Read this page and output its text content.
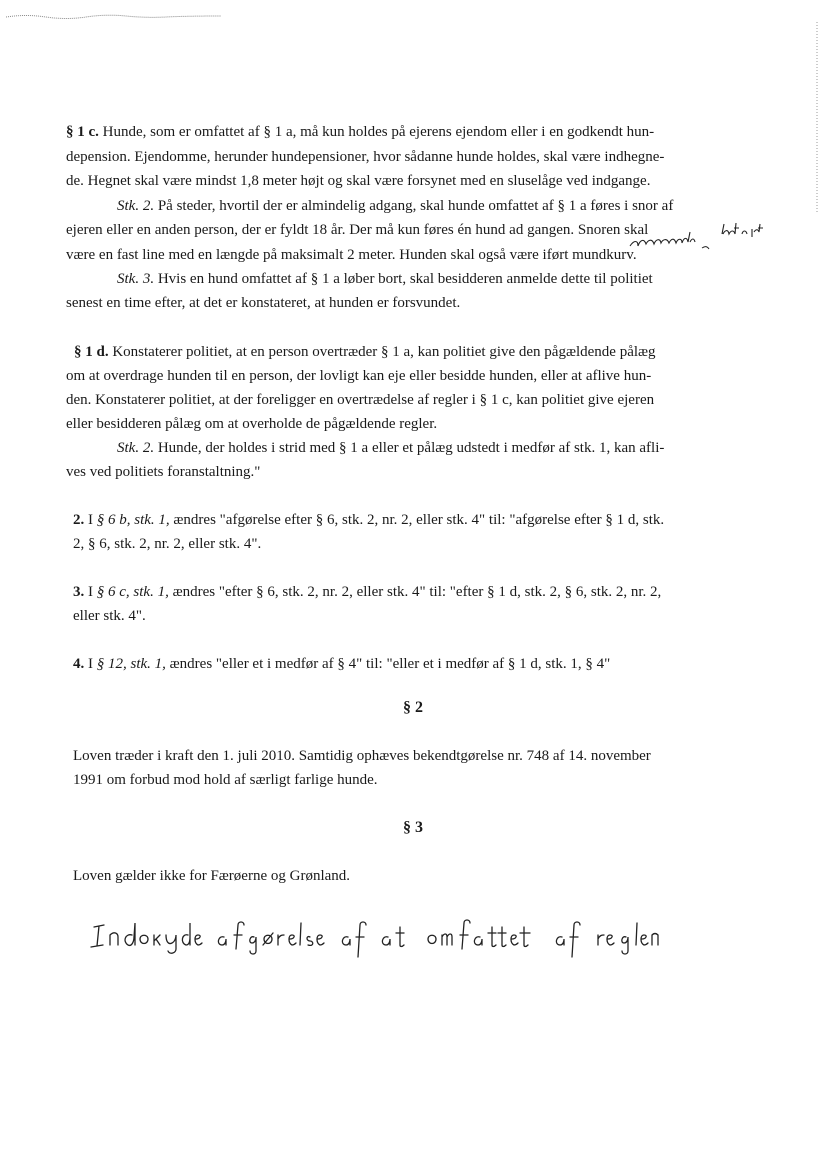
§ 1 c. Hunde, som er omfattet af § 1 a, må kun holdes på ejerens ejendom eller i en godkendt hun-
depension. Ejendomme, herunder hundepensioner, hvor sådanne hunde holdes, skal være indhegne-
de. Hegnet skal være mindst 1,8 meter højt og skal være forsynet med en sluselåge ved indgange.
Stk. 2. På steder, hvortil der er almindelig adgang, skal hunde omfattet af § 1 a føres i snor af
ejeren eller en anden person, der er fyldt 18 år. Der må kun føres én hund ad gangen. Snoren skal
være en fast line med en længde på maksimalt 2 meter. Hunden skal også være iført mundkurv.
Stk. 3. Hvis en hund omfattet af § 1 a løber bort, skal besidderen anmelde dette til politiet
senest en time efter, at det er konstateret, at hunden er forsvundet.
§ 1 d. Konstaterer politiet, at en person overtræder § 1 a, kan politiet give den pågældende pålæg
om at overdrage hunden til en person, der lovligt kan eje eller besidde hunden, eller at aflive hun-
den. Konstaterer politiet, at der foreligger en overtrædelse af regler i § 1 c, kan politiet give ejeren
eller besidderen pålæg om at overholde de pågældende regler.
Stk. 2. Hunde, der holdes i strid med § 1 a eller et pålæg udstedt i medfør af stk. 1, kan afli-
ves ved politiets foranstaltning."
2. I § 6 b, stk. 1, ændres "afgørelse efter § 6, stk. 2, nr. 2, eller stk. 4" til: "afgørelse efter § 1 d, stk.
2, § 6, stk. 2, nr. 2, eller stk. 4".
3. I § 6 c, stk. 1, ændres "efter § 6, stk. 2, nr. 2, eller stk. 4" til: "efter § 1 d, stk. 2, § 6, stk. 2, nr. 2,
eller stk. 4".
4. I § 12, stk. 1, ændres "eller et i medfør af § 4" til: "eller et i medfør af § 1 d, stk. 1, § 4"
§ 2
Loven træder i kraft den 1. juli 2010. Samtidig ophæves bekendtgørelse nr. 748 af 14. november
1991 om forbud mod hold af særligt farlige hunde.
§ 3
Loven gælder ikke for Færøerne og Grønland.
